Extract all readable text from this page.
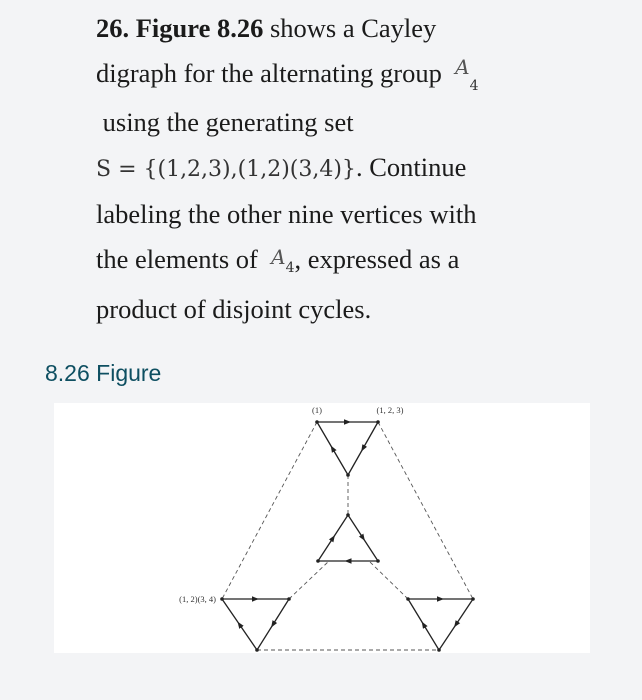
26. Figure 8.26 shows a Cayley

digraph for the alternating group $A_4$

using the generating set

S = {(1,2,3),(1,2)(3,4)}. Continue

labeling the other nine vertices with

the elements of A4, expressed as a

product of disjoint cycles.

8.26 Figure
(1)	(1, 2, 3)
(1, 2)(3, 4)
